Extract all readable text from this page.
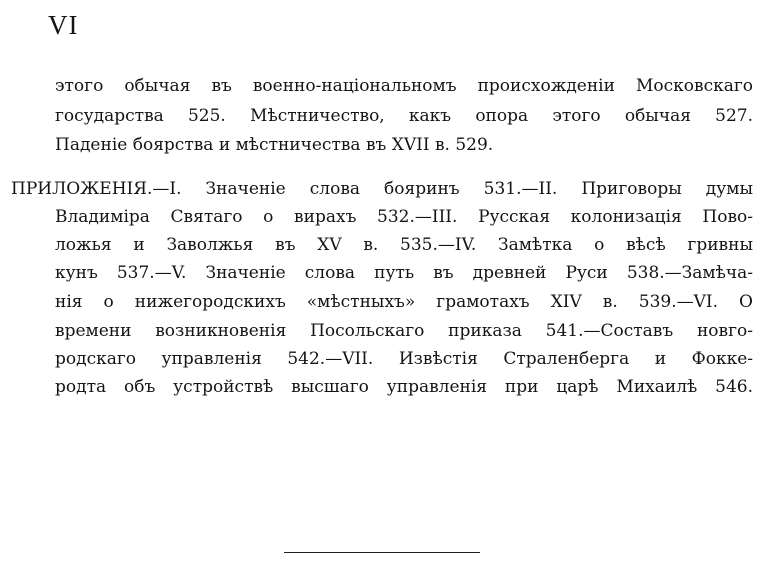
VI
этого обычая въ военно-національномъ происхожденіи Московскаго
государства 525. Мѣстничество, какъ опора этого обычая 527.
Паденіе боярства и мѣстничества въ XVII в. 529.
ПРИЛОЖЕНІЯ.—І. Значеніе слова бояринъ 531.—II. Приговоры думы
Владиміра Святаго о вирахъ 532.—III. Русская колонизація Пово-
ложья и Заволжья въ XV в. 535.—IV. Замѣтка о вѣсѣ гривны
кунъ 537.—V. Значеніе слова путь въ древней Руси 538.—Замѣча-
нія о нижегородскихъ «мѣстныхъ» грамотахъ XIV в. 539.—VI. О
времени возникновенія Посольскаго приказа 541.—Составъ новго-
родскаго управленія 542.—VII. Извѣстія Страленберга и Фоккe-
родта объ устройствѣ высшаго управленія при царѣ Михаилѣ 546.
